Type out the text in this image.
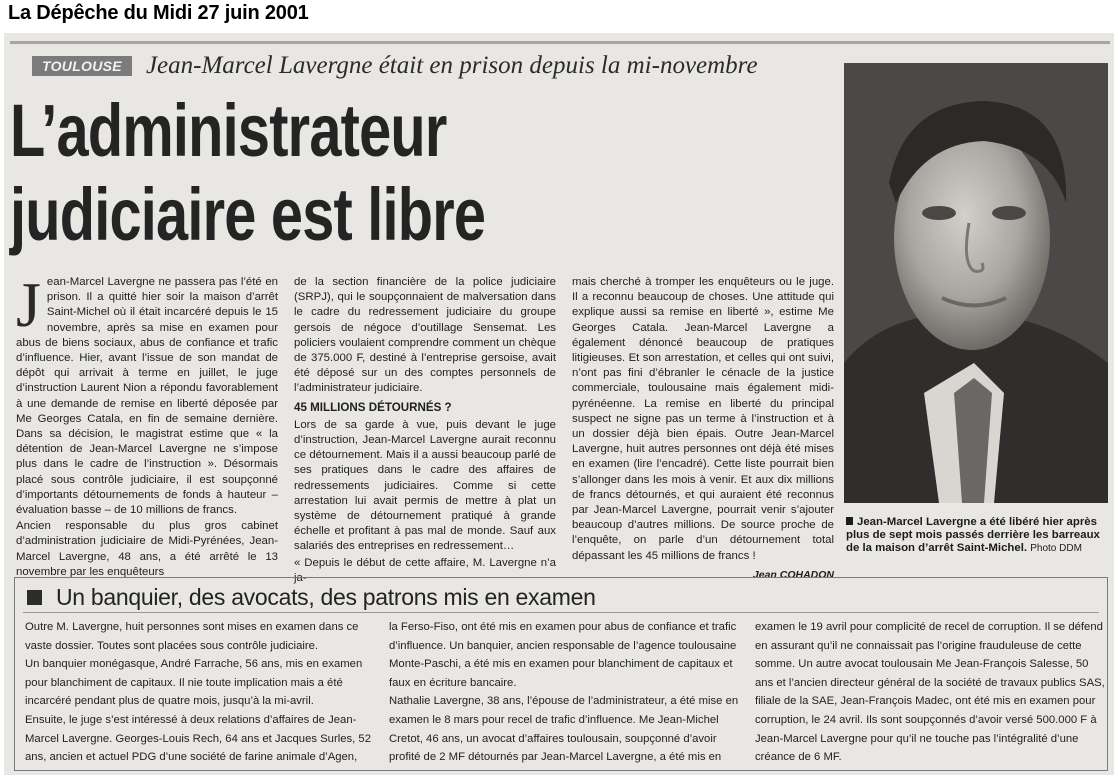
La Dépêche du Midi 27 juin 2001
TOULOUSE Jean-Marcel Lavergne était en prison depuis la mi-novembre
L’administrateur
judiciaire est libre
Jean-Marcel Lavergne a été libéré hier après plus de sept mois passés derrière les barreaux de la maison d’arrêt Saint-Michel. Photo DDM

Jean-Marcel Lavergne ne passera pas l’été en prison. Il a quitté hier soir la maison d’arrêt Saint-Michel où il était incarcéré depuis le 15 novembre, après sa mise en examen pour abus de biens sociaux, abus de confiance et trafic d’influence. Hier, avant l’issue de son mandat de dépôt qui arrivait à terme en juillet, le juge d’instruction Laurent Nion a répondu favorablement à une demande de remise en liberté déposée par Me Georges Catala, en fin de semaine dernière. Dans sa décision, le magistrat estime que « la détention de Jean-Marcel Lavergne ne s’impose plus dans le cadre de l’instruction ». Désormais placé sous contrôle judiciaire, il est soupçonné d’importants détournements de fonds à hauteur – évaluation basse – de 10 millions de francs.

Ancien responsable du plus gros cabinet d’administration judiciaire de Midi-Pyrénées, Jean-Marcel Lavergne, 48 ans, a été arrêté le 13 novembre par les enquêteurs

de la section financière de la police judiciaire (SRPJ), qui le soupçonnaient de malversation dans le cadre du redressement judiciaire du groupe gersois de négoce d’outillage Sensemat. Les policiers voulaient comprendre comment un chèque de 375.000 F, destiné à l’entreprise gersoise, avait été déposé sur un des comptes personnels de l’administrateur judiciaire.

45 MILLIONS DÉTOURNÉS ?

Lors de sa garde à vue, puis devant le juge d’instruction, Jean-Marcel Lavergne aurait reconnu ce détournement. Mais il a aussi beaucoup parlé de ses pratiques dans le cadre des affaires de redressements judiciaires. Comme si cette arrestation lui avait permis de mettre à plat un système de détournement pratiqué à grande échelle et profitant à pas mal de monde. Sauf aux salariés des entreprises en redressement…

« Depuis le début de cette affaire, M. Lavergne n’a ja-

mais cherché à tromper les enquêteurs ou le juge. Il a reconnu beaucoup de choses. Une attitude qui explique aussi sa remise en liberté », estime Me Georges Catala. Jean-Marcel Lavergne a également dénoncé beaucoup de pratiques litigieuses. Et son arrestation, et celles qui ont suivi, n’ont pas fini d’ébranler le cénacle de la justice commerciale, toulousaine mais également midi-pyrénéenne. La remise en liberté du principal suspect ne signe pas un terme à l’instruction et à un dossier déjà bien épais. Outre Jean-Marcel Lavergne, huit autres personnes ont déjà été mises en examen (lire l’encadré). Cette liste pourrait bien s’allonger dans les mois à venir. Et aux dix millions de francs détournés, et qui auraient été reconnus par Jean-Marcel Lavergne, pourrait venir s’ajouter beaucoup d’autres millions. De source proche de l’enquête, on parle d’un détournement total dépassant les 45 millions de francs !

Jean COHADON
Un banquier, des avocats, des patrons mis en examen

Outre M. Lavergne, huit personnes sont mises en examen dans ce vaste dossier. Toutes sont placées sous contrôle judiciaire.

Un banquier monégasque, André Farrache, 56 ans, mis en examen pour blanchiment de capitaux. Il nie toute implication mais a été incarcéré pendant plus de quatre mois, jusqu’à la mi-avril.

Ensuite, le juge s’est intéressé à deux relations d’affaires de Jean-Marcel Lavergne. Georges-Louis Rech, 64 ans et Jacques Surles, 52 ans, ancien et actuel PDG d’une société de farine animale d’Agen,

la Ferso-Fiso, ont été mis en examen pour abus de confiance et trafic d’influence. Un banquier, ancien responsable de l’agence toulousaine Monte-Paschi, a été mis en examen pour blanchiment de capitaux et faux en écriture bancaire.

Nathalie Lavergne, 38 ans, l’épouse de l’administrateur, a été mise en examen le 8 mars pour recel de trafic d’influence. Me Jean-Michel Cretot, 46 ans, un avocat d’affaires toulousain, soupçonné d’avoir profité de 2 MF détournés par Jean-Marcel Lavergne, a été mis en

examen le 19 avril pour complicité de recel de corruption. Il se défend en assurant qu’il ne connaissait pas l’origine frauduleuse de cette somme. Un autre avocat toulousain Me Jean-François Salesse, 50 ans et l’ancien directeur général de la société de travaux publics SAS, filiale de la SAE, Jean-François Madec, ont été mis en examen pour corruption, le 24 avril. Ils sont soupçonnés d’avoir versé 500.000 F à Jean-Marcel Lavergne pour qu’il ne touche pas l’intégralité d’une créance de 6 MF.
